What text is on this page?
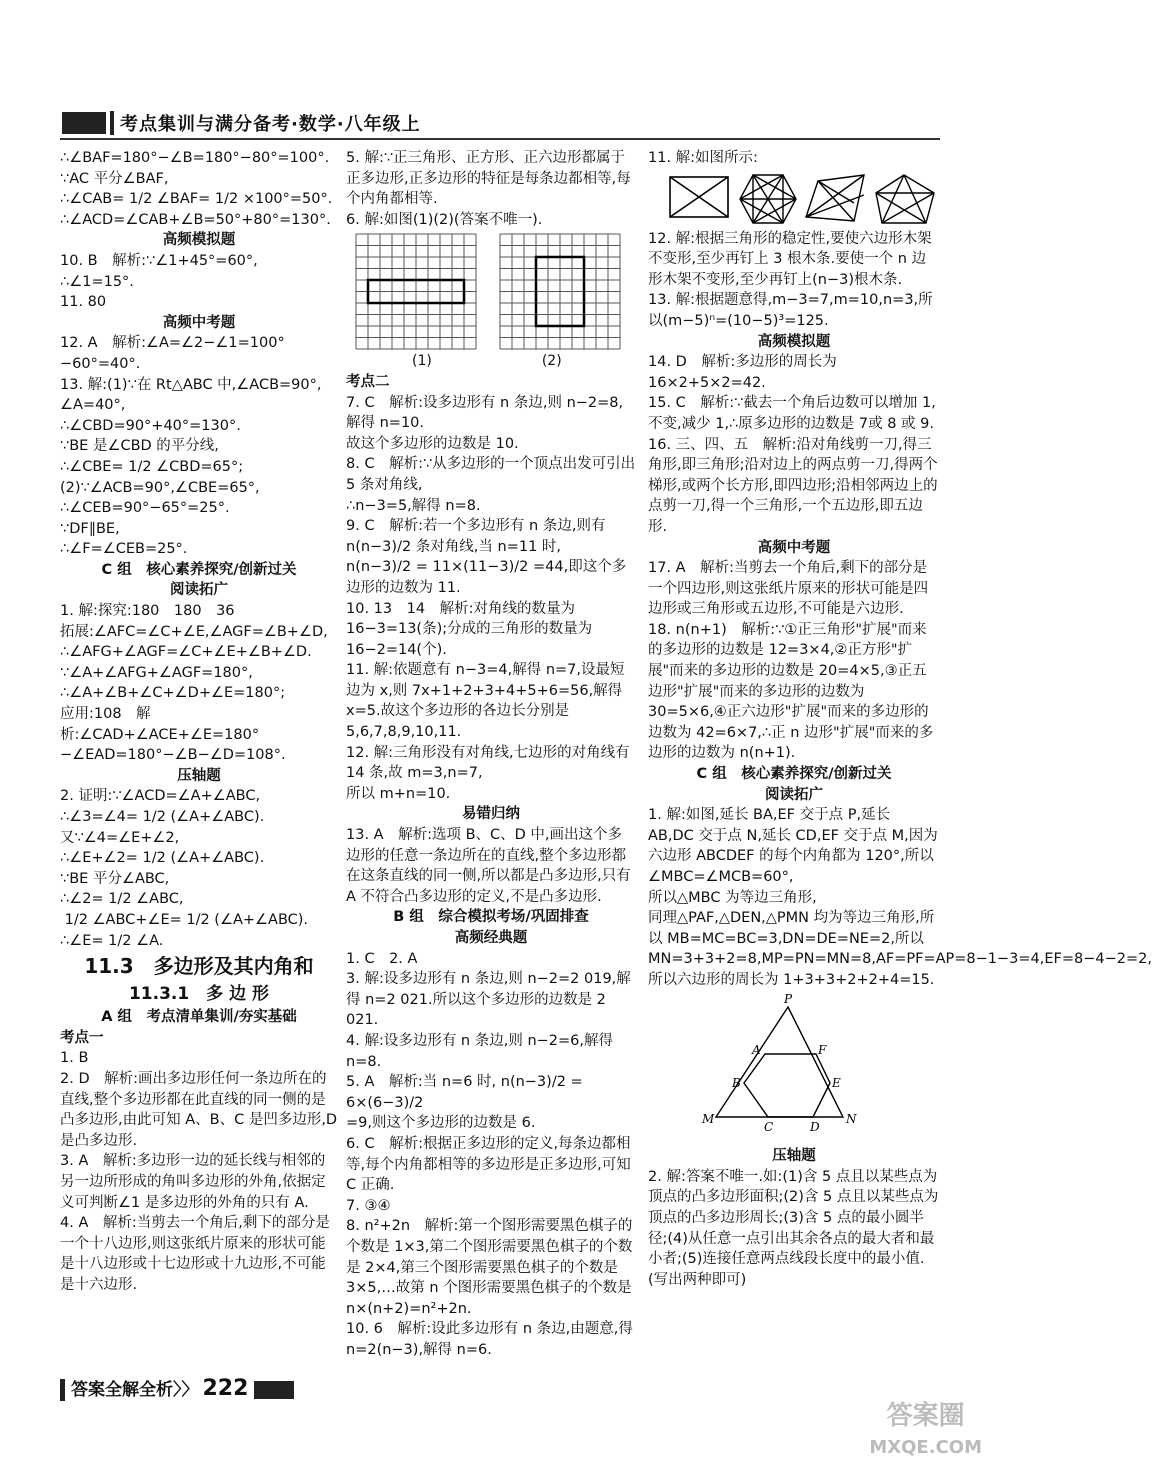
考点集训与满分备考·数学·八年级上

∴∠BAF=180°−∠B=180°−80°=100°.

∵AC 平分∠BAF,

∴∠CAB= 1/2 ∠BAF= 1/2 ×100°=50°.

∴∠ACD=∠CAB+∠B=50°+80°=130°.

高频模拟题

10. B　解析:∵∠1+45°=60°,

∴∠1=15°.

11. 80

高频中考题

12. A　解析:∠A=∠2−∠1=100°−60°=40°.

13. 解:(1)∵在 Rt△ABC 中,∠ACB=90°,

∠A=40°,

∴∠CBD=90°+40°=130°.

∵BE 是∠CBD 的平分线,

∴∠CBE= 1/2 ∠CBD=65°;

(2)∵∠ACB=90°,∠CBE=65°,

∴∠CEB=90°−65°=25°.

∵DF∥BE,

∴∠F=∠CEB=25°.

C 组　核心素养探究/创新过关

阅读拓广

1. 解:探究:180　180　36

拓展:∠AFC=∠C+∠E,∠AGF=∠B+∠D,

∴∠AFG+∠AGF=∠C+∠E+∠B+∠D.

∵∠A+∠AFG+∠AGF=180°,

∴∠A+∠B+∠C+∠D+∠E=180°;

应用:108　解析:∠CAD+∠ACE+∠E=180°−∠EAD=180°−∠B−∠D=108°.

压轴题

2. 证明:∵∠ACD=∠A+∠ABC,

∴∠3=∠4= 1/2 (∠A+∠ABC).

又∵∠4=∠E+∠2,

∴∠E+∠2= 1/2 (∠A+∠ABC).

∵BE 平分∠ABC,

∴∠2= 1/2 ∠ABC,

1/2 ∠ABC+∠E= 1/2 (∠A+∠ABC).

∴∠E= 1/2 ∠A.

11.3　多边形及其内角和

11.3.1　多 边 形

A 组　考点清单集训/夯实基础

考点一

1. B

2. D　解析:画出多边形任何一条边所在的直线,整个多边形都在此直线的同一侧的是凸多边形,由此可知 A、B、C 是凹多边形,D 是凸多边形.

3. A　解析:多边形一边的延长线与相邻的另一边所形成的角叫多边形的外角,依据定义可判断∠1 是多边形的外角的只有 A.

4. A　解析:当剪去一个角后,剩下的部分是一个十八边形,则这张纸片原来的形状可能是十八边形或十七边形或十九边形,不可能是十六边形.

5. 解:∵正三角形、正方形、正六边形都属于正多边形,正多边形的特征是每条边都相等,每个内角都相等.

6. 解:如图(1)(2)(答案不唯一).

(1)	(2)

考点二

7. C　解析:设多边形有 n 条边,则 n−2=8,解得 n=10.

故这个多边形的边数是 10.

8. C　解析:∵从多边形的一个顶点出发可引出 5 条对角线,

∴n−3=5,解得 n=8.

9. C　解析:若一个多边形有 n 条边,则有 n(n−3)/2 条对角线,当 n=11 时,

n(n−3)/2 = 11×(11−3)/2 =44,即这个多边形的边数为 11.

10. 13　14　解析:对角线的数量为 16−3=13(条);分成的三角形的数量为 16−2=14(个).

11. 解:依题意有 n−3=4,解得 n=7,设最短边为 x,则 7x+1+2+3+4+5+6=56,解得 x=5.故这个多边形的各边长分别是 5,6,7,8,9,10,11.

12. 解:三角形没有对角线,七边形的对角线有 14 条,故 m=3,n=7,

所以 m+n=10.

易错归纳

13. A　解析:选项 B、C、D 中,画出这个多边形的任意一条边所在的直线,整个多边形都在这条直线的同一侧,所以都是凸多边形,只有 A 不符合凸多边形的定义,不是凸多边形.

B 组　综合模拟考场/巩固排查

高频经典题

1. C　2. A

3. 解:设多边形有 n 条边,则 n−2=2 019,解得 n=2 021.所以这个多边形的边数是 2 021.

4. 解:设多边形有 n 条边,则 n−2=6,解得 n=8.

5. A　解析:当 n=6 时, n(n−3)/2 = 6×(6−3)/2

=9,则这个多边形的边数是 6.

6. C　解析:根据正多边形的定义,每条边都相等,每个内角都相等的多边形是正多边形,可知 C 正确.

7. ③④

8. n²+2n　解析:第一个图形需要黑色棋子的个数是 1×3,第二个图形需要黑色棋子的个数是 2×4,第三个图形需要黑色棋子的个数是 3×5,…故第 n 个图形需要黑色棋子的个数是 n×(n+2)=n²+2n.

10. 6　解析:设此多边形有 n 条边,由题意,得 n=2(n−3),解得 n=6.

11. 解:如图所示:

12. 解:根据三角形的稳定性,要使六边形木架不变形,至少再钉上 3 根木条.要使一个 n 边形木架不变形,至少再钉上(n−3)根木条.

13. 解:根据题意得,m−3=7,m=10,n=3,所以(m−5)ⁿ=(10−5)³=125.

高频模拟题

14. D　解析:多边形的周长为 16×2+5×2=42.

15. C　解析:∵截去一个角后边数可以增加 1,不变,减少 1,∴原多边形的边数是 7或 8 或 9.

16. 三、四、五　解析:沿对角线剪一刀,得三角形,即三角形;沿对边上的两点剪一刀,得两个梯形,或两个长方形,即四边形;沿相邻两边上的点剪一刀,得一个三角形,一个五边形,即五边形.

高频中考题

17. A　解析:当剪去一个角后,剩下的部分是一个四边形,则这张纸片原来的形状可能是四边形或三角形或五边形,不可能是六边形.

18. n(n+1)　解析:∵①正三角形"扩展"而来的多边形的边数是 12=3×4,②正方形"扩展"而来的多边形的边数是 20=4×5,③正五边形"扩展"而来的多边形的边数为 30=5×6,④正六边形"扩展"而来的多边形的边数为 42=6×7,∴正 n 边形"扩展"而来的多边形的边数为 n(n+1).

C 组　核心素养探究/创新过关

阅读拓广

1. 解:如图,延长 BA,EF 交于点 P,延长 AB,DC 交于点 N,延长 CD,EF 交于点 M,因为六边形 ABCDEF 的每个内角都为 120°,所以∠MBC=∠MCB=60°,

所以△MBC 为等边三角形,

同理△PAF,△DEN,△PMN 均为等边三角形,所以 MB=MC=BC=3,DN=DE=NE=2,所以 MN=3+3+2=8,MP=PN=MN=8,AF=PF=AP=8−1−3=4,EF=8−4−2=2,所以六边形的周长为 1+3+3+2+2+4=15.

P
A	F
B	E
M
C	D
N

压轴题

2. 解:答案不唯一.如:(1)含 5 点且以某些点为顶点的凸多边形面积;(2)含 5 点且以某些点为顶点的凸多边形周长;(3)含 5 点的最小圆半径;(4)从任意一点引出其余各点的最大者和最小者;(5)连接任意两点线段长度中的最小值.(写出两种即可)

答案全解全析〉〉 222
答案圈
MXQE.COM
